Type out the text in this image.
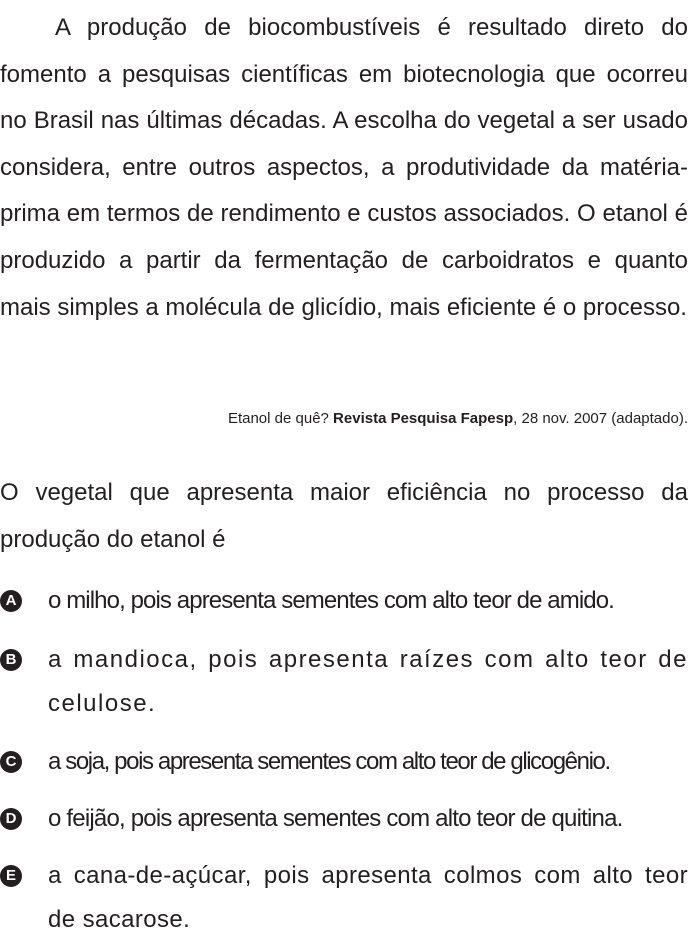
A produção de biocombustíveis é resultado direto do fomento a pesquisas científicas em biotecnologia que ocorreu no Brasil nas últimas décadas. A escolha do vegetal a ser usado considera, entre outros aspectos, a produtividade da matéria-prima em termos de rendimento e custos associados. O etanol é produzido a partir da fermentação de carboidratos e quanto mais simples a molécula de glicídio, mais eficiente é o processo.

Etanol de quê? Revista Pesquisa Fapesp, 28 nov. 2007 (adaptado).

O vegetal que apresenta maior eficiência no processo da produção do etanol é

A o milho, pois apresenta sementes com alto teor de amido.
B a mandioca, pois apresenta raízes com alto teor de celulose.
C a soja, pois apresenta sementes com alto teor de glicogênio.
D o feijão, pois apresenta sementes com alto teor de quitina.
E a cana-de-açúcar, pois apresenta colmos com alto teor de sacarose.
